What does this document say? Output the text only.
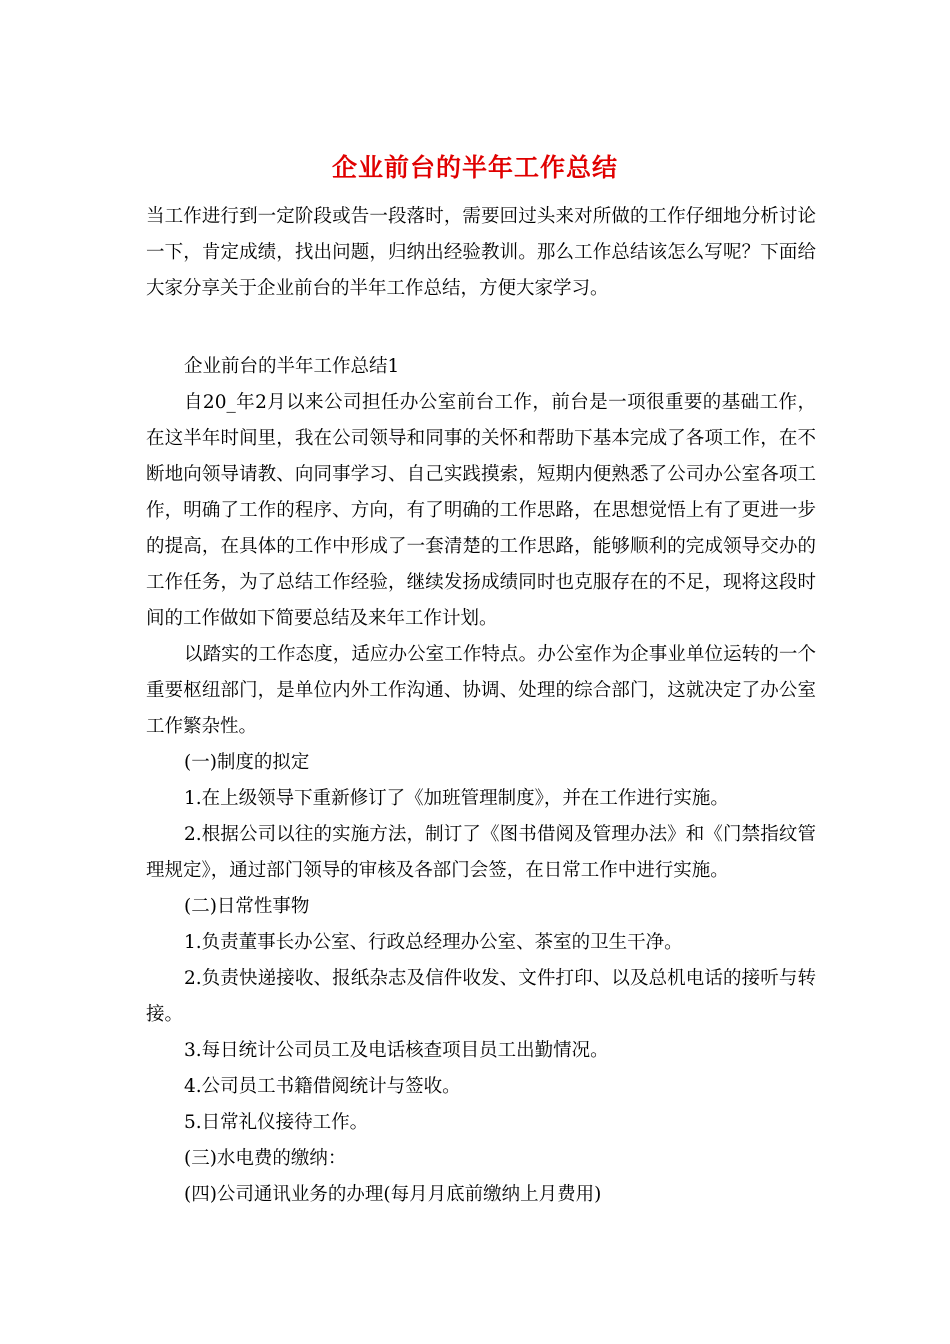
企业前台的半年工作总结

当工作进行到一定阶段或告一段落时，需要回过头来对所做的工作仔细地分析讨论一下，肯定成绩，找出问题，归纳出经验教训。那么工作总结该怎么写呢？下面给大家分享关于企业前台的半年工作总结，方便大家学习。

企业前台的半年工作总结1

自20_年2月以来公司担任办公室前台工作，前台是一项很重要的基础工作，在这半年时间里，我在公司领导和同事的关怀和帮助下基本完成了各项工作，在不断地向领导请教、向同事学习、自己实践摸索，短期内便熟悉了公司办公室各项工作，明确了工作的程序、方向，有了明确的工作思路，在思想觉悟上有了更进一步的提高，在具体的工作中形成了一套清楚的工作思路，能够顺利的完成领导交办的工作任务，为了总结工作经验，继续发扬成绩同时也克服存在的不足，现将这段时间的工作做如下简要总结及来年工作计划。

以踏实的工作态度，适应办公室工作特点。办公室作为企事业单位运转的一个重要枢纽部门，是单位内外工作沟通、协调、处理的综合部门，这就决定了办公室工作繁杂性。

(一)制度的拟定

1.在上级领导下重新修订了《加班管理制度》，并在工作进行实施。

2.根据公司以往的实施方法，制订了《图书借阅及管理办法》和《门禁指纹管理规定》，通过部门领导的审核及各部门会签，在日常工作中进行实施。

(二)日常性事物

1.负责董事长办公室、行政总经理办公室、茶室的卫生干净。

2.负责快递接收、报纸杂志及信件收发、文件打印、以及总机电话的接听与转接。

3.每日统计公司员工及电话核查项目员工出勤情况。

4.公司员工书籍借阅统计与签收。

5.日常礼仪接待工作。

(三)水电费的缴纳：

(四)公司通讯业务的办理(每月月底前缴纳上月费用)
